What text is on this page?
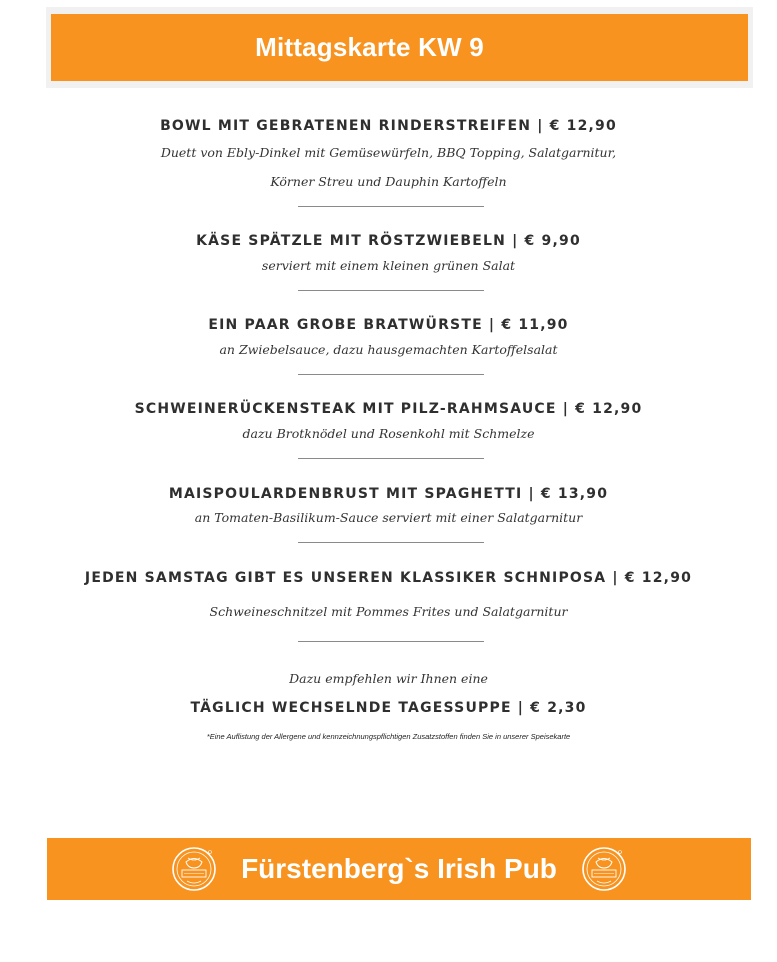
Mittagskarte KW 9
BOWL MIT GEBRATENEN RINDERSTREIFEN | € 12,90
Duett von Ebly-Dinkel mit Gemüsewürfeln, BBQ Topping, Salatgarnitur,
Körner Streu und Dauphin Kartoffeln
KÄSE SPÄTZLE MIT RÖSTZWIEBELN | € 9,90
serviert mit einem kleinen grünen Salat
EIN PAAR GROBE BRATWÜRSTE | € 11,90
an Zwiebelsauce, dazu hausgemachten Kartoffelsalat
SCHWEINERÜCKENSTEAK MIT PILZ-RAHMSAUCE | € 12,90
dazu Brotknödel und Rosenkohl mit Schmelze
MAISPOULARDENBRUST MIT SPAGHETTI | € 13,90
an Tomaten-Basilikum-Sauce serviert mit einer Salatgarnitur
JEDEN SAMSTAG GIBT ES UNSEREN KLASSIKER SCHNIPOSA | € 12,90
Schweineschnitzel mit Pommes Frites und Salatgarnitur
Dazu empfehlen wir Ihnen eine
TÄGLICH WECHSELNDE TAGESSUPPE | € 2,30
*Eine Auflistung der Allergene und kennzeichnungspflichtigen Zusatzstoffen finden Sie in unserer Speisekarte
Fürstenberg`s Irish Pub
